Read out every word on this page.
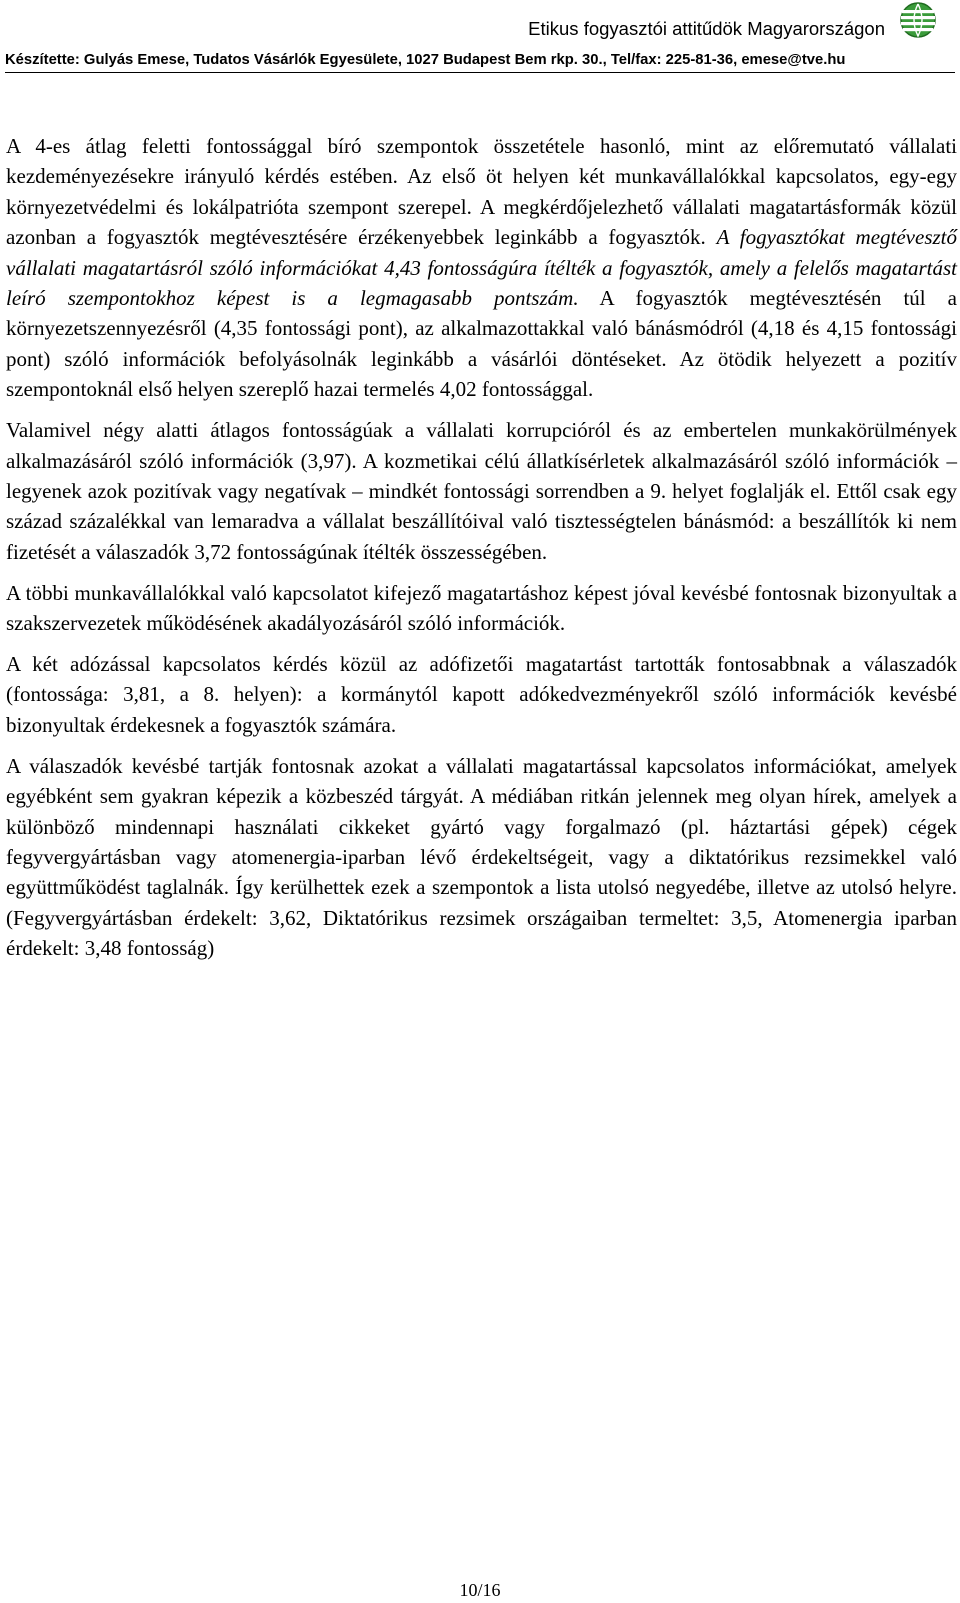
Etikus fogyasztói attitűdök Magyarországon
Készítette: Gulyás Emese, Tudatos Vásárlók Egyesülete, 1027 Budapest Bem rkp. 30., Tel/fax: 225-81-36, emese@tve.hu

A 4-es átlag feletti fontossággal bíró szempontok összetétele hasonló, mint az előremutató vállalati kezdeményezésekre irányuló kérdés estében. Az első öt helyen két munkavállalókkal kapcsolatos, egy-egy környezetvédelmi és lokálpatrióta szempont szerepel. A megkérdőjelezhető vállalati magatartásformák közül azonban a fogyasztók megtévesztésére érzékenyebbek leginkább a fogyasztók. A fogyasztókat megtévesztő vállalati magatartásról szóló információkat 4,43 fontosságúra ítélték a fogyasztók, amely a felelős magatartást leíró szempontokhoz képest is a legmagasabb pontszám. A fogyasztók megtévesztésén túl a környezetszennyezésről (4,35 fontossági pont), az alkalmazottakkal való bánásmódról (4,18 és 4,15 fontossági pont) szóló információk befolyásolnák leginkább a vásárlói döntéseket. Az ötödik helyezett a pozitív szempontoknál első helyen szereplő hazai termelés 4,02 fontossággal.

Valamivel négy alatti átlagos fontosságúak a vállalati korrupcióról és az embertelen munkakörülmények alkalmazásáról szóló információk (3,97). A kozmetikai célú állatkísérletek alkalmazásáról szóló információk – legyenek azok pozitívak vagy negatívak – mindkét fontossági sorrendben a 9. helyet foglalják el. Ettől csak egy század százalékkal van lemaradva a vállalat beszállítóival való tisztességtelen bánásmód: a beszállítók ki nem fizetését a válaszadók 3,72 fontosságúnak ítélték összességében.

A többi munkavállalókkal való kapcsolatot kifejező magatartáshoz képest jóval kevésbé fontosnak bizonyultak a szakszervezetek működésének akadályozásáról szóló információk.

A két adózással kapcsolatos kérdés közül az adófizetői magatartást tartották fontosabbnak a válaszadók (fontossága: 3,81, a 8. helyen): a kormánytól kapott adókedvezményekről szóló információk kevésbé bizonyultak érdekesnek a fogyasztók számára.

A válaszadók kevésbé tartják fontosnak azokat a vállalati magatartással kapcsolatos információkat, amelyek egyébként sem gyakran képezik a közbeszéd tárgyát. A médiában ritkán jelennek meg olyan hírek, amelyek a különböző mindennapi használati cikkeket gyártó vagy forgalmazó (pl. háztartási gépek) cégek fegyvergyártásban vagy atomenergia-iparban lévő érdekeltségeit, vagy a diktatórikus rezsimekkel való együttműködést taglalnák. Így kerülhettek ezek a szempontok a lista utolsó negyedébe, illetve az utolsó helyre. (Fegyvergyártásban érdekelt: 3,62, Diktatórikus rezsimek országaiban termeltet: 3,5, Atomenergia iparban érdekelt: 3,48 fontosság)

10/16
